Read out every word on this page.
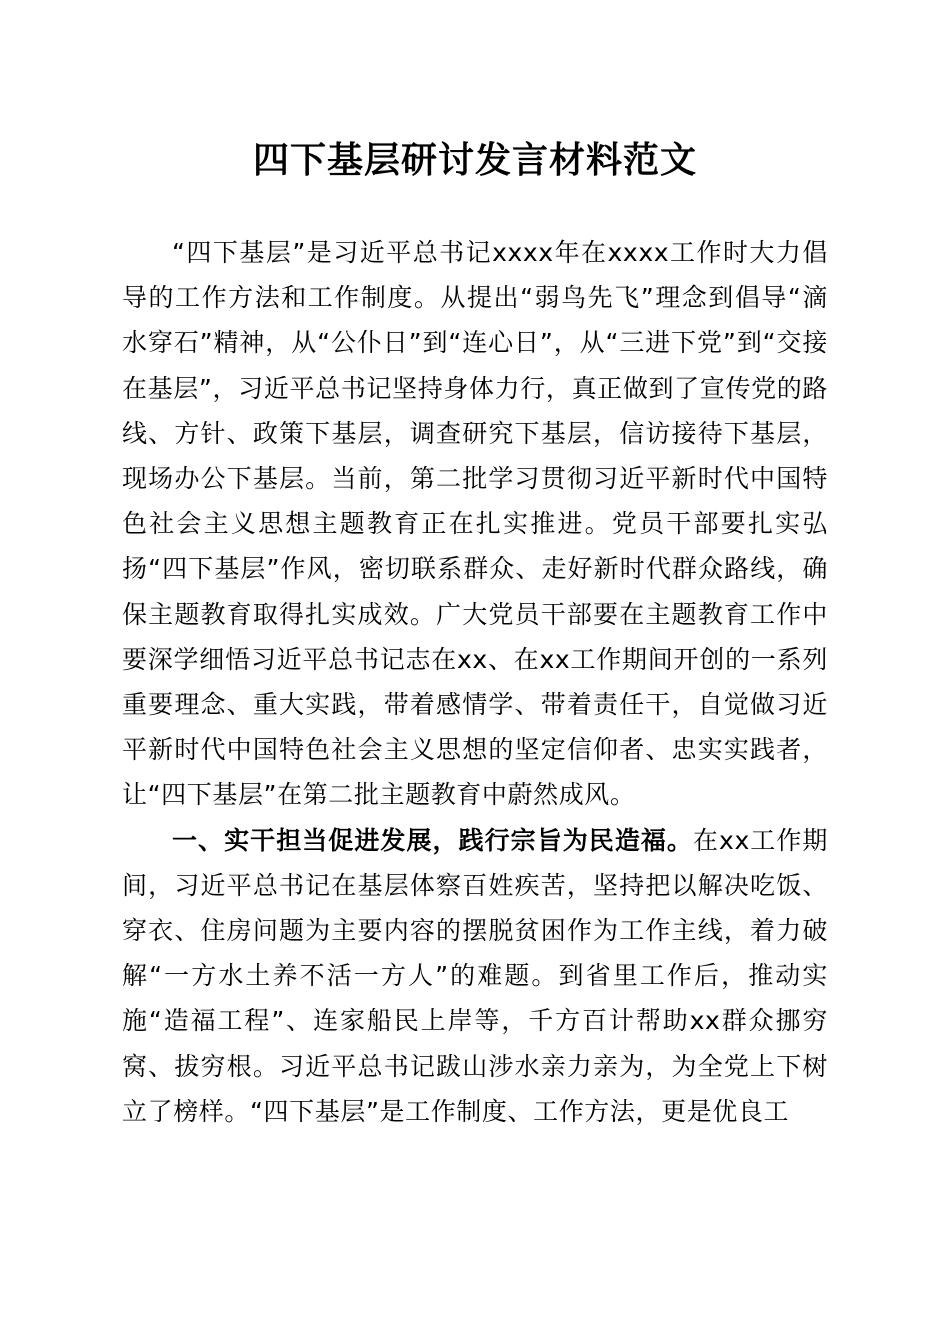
四下基层研讨发言材料范文

“四下基层”是习近平总书记xxxx年在xxxx工作时大力倡导的工作方法和工作制度。从提出“弱鸟先飞”理念到倡导“滴水穿石”精神，从“公仆日”到“连心日”，从“三进下党”到“交接在基层”，习近平总书记坚持身体力行，真正做到了宣传党的路线、方针、政策下基层，调查研究下基层，信访接待下基层，现场办公下基层。当前，第二批学习贯彻习近平新时代中国特色社会主义思想主题教育正在扎实推进。党员干部要扎实弘扬“四下基层”作风，密切联系群众、走好新时代群众路线，确保主题教育取得扎实成效。广大党员干部要在主题教育工作中要深学细悟习近平总书记志在xx、在xx工作期间开创的一系列重要理念、重大实践，带着感情学、带着责任干，自觉做习近平新时代中国特色社会主义思想的坚定信仰者、忠实实践者，让“四下基层”在第二批主题教育中蔚然成风。

一、实干担当促进发展，践行宗旨为民造福。在xx工作期间，习近平总书记在基层体察百姓疾苦，坚持把以解决吃饭、穿衣、住房问题为主要内容的摆脱贫困作为工作主线，着力破解“一方水土养不活一方人”的难题。到省里工作后，推动实施“造福工程”、连家船民上岸等，千方百计帮助xx群众挪穷窝、拔穷根。习近平总书记跋山涉水亲力亲为，为全党上下树立了榜样。“四下基层”是工作制度、工作方法，更是优良工
